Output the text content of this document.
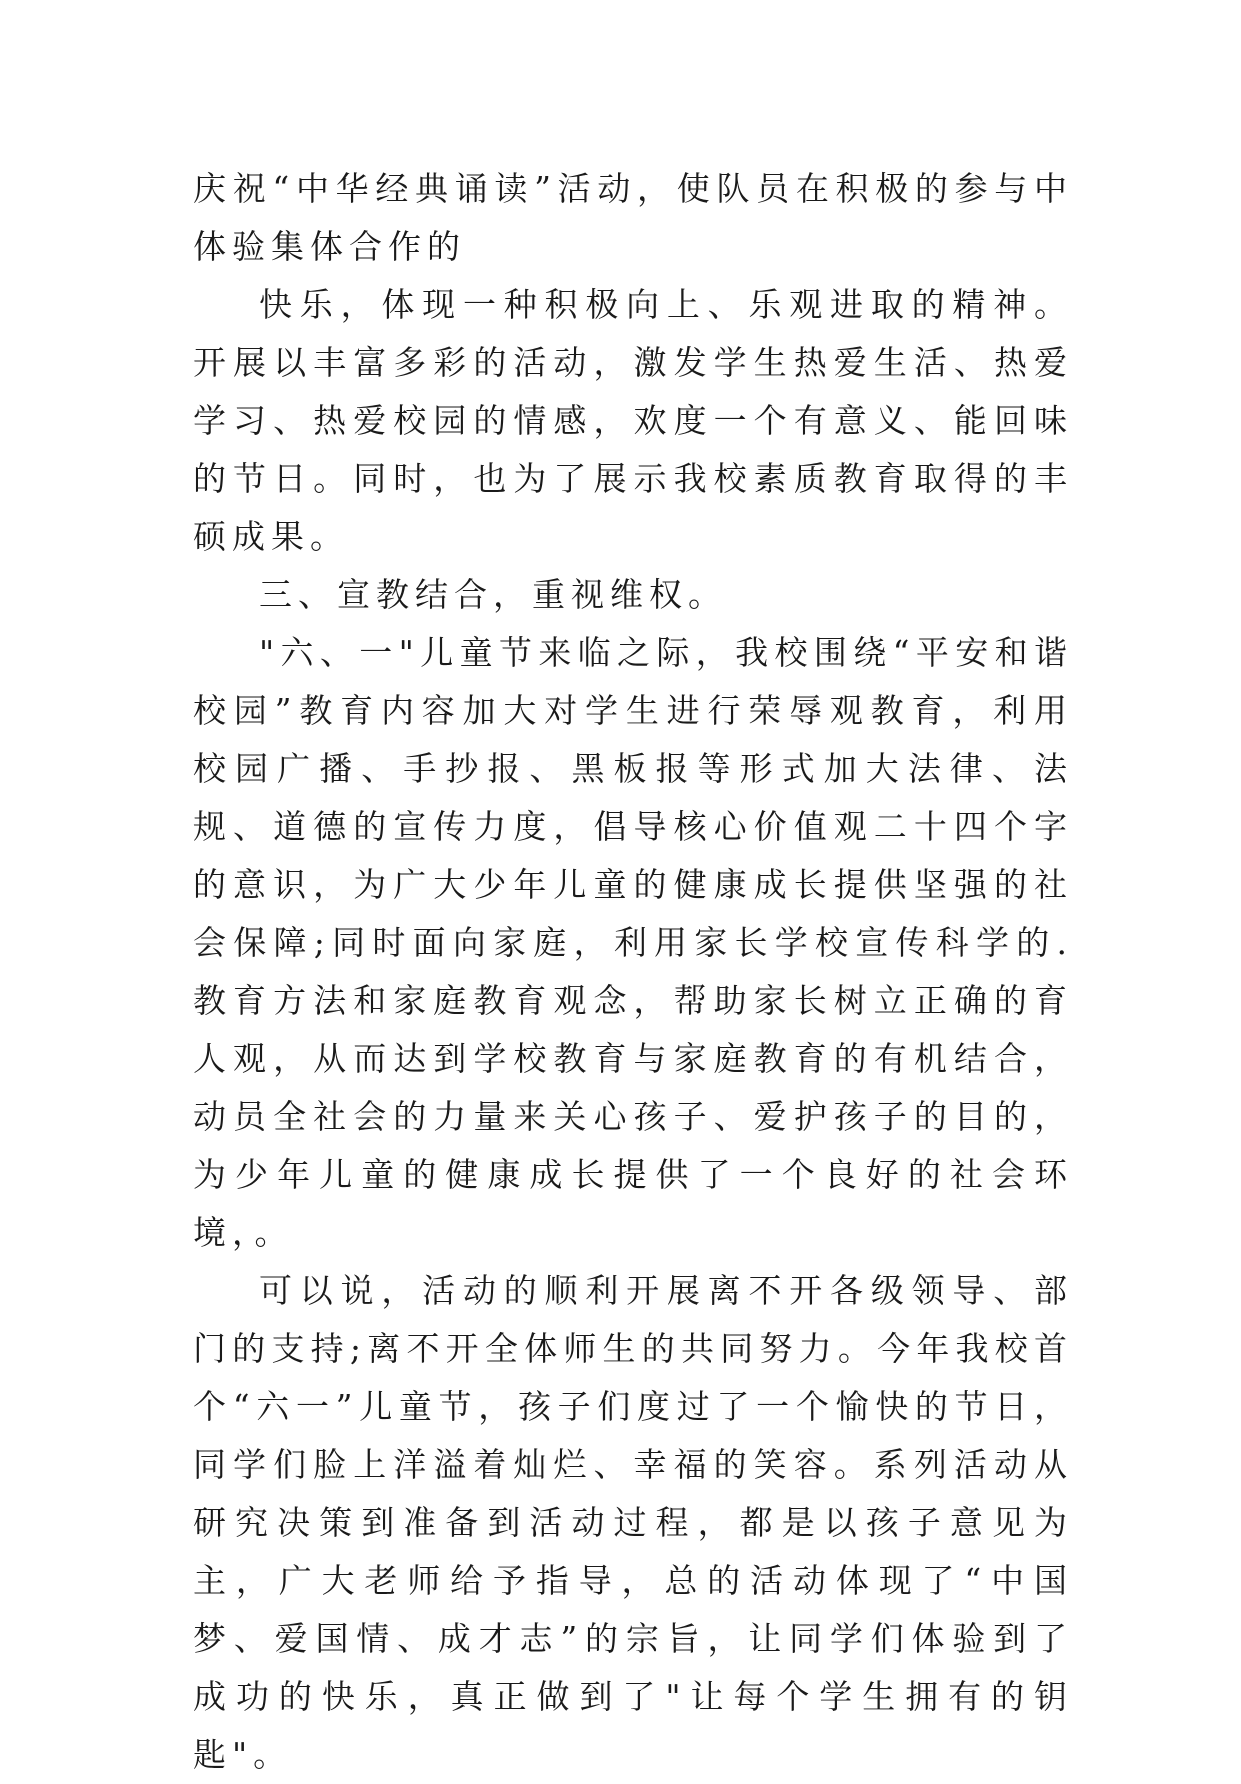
庆祝“中华经典诵读”活动，使队员在积极的参与中体验集体合作的

快乐，体现一种积极向上、乐观进取的精神。开展以丰富多彩的活动，激发学生热爱生活、热爱学习、热爱校园的情感，欢度一个有意义、能回味的节日。同时，也为了展示我校素质教育取得的丰硕成果。

三、宣教结合，重视维权。

"六、一"儿童节来临之际，我校围绕“平安和谐校园”教育内容加大对学生进行荣辱观教育，利用校园广播、手抄报、黑板报等形式加大法律、法规、道德的宣传力度，倡导核心价值观二十四个字的意识，为广大少年儿童的健康成长提供坚强的社会保障;同时面向家庭，利用家长学校宣传科学的.教育方法和家庭教育观念，帮助家长树立正确的育人观，从而达到学校教育与家庭教育的有机结合，动员全社会的力量来关心孩子、爱护孩子的目的，为少年儿童的健康成长提供了一个良好的社会环境，。

可以说，活动的顺利开展离不开各级领导、部门的支持;离不开全体师生的共同努力。今年我校首个“六一”儿童节，孩子们度过了一个愉快的节日，同学们脸上洋溢着灿烂、幸福的笑容。系列活动从研究决策到准备到活动过程，都是以孩子意见为主，广大老师给予指导，总的活动体现了“中国梦、爱国情、成才志”的宗旨，让同学们体验到了成功的快乐，真正做到了"让每个学生拥有的钥匙"。
